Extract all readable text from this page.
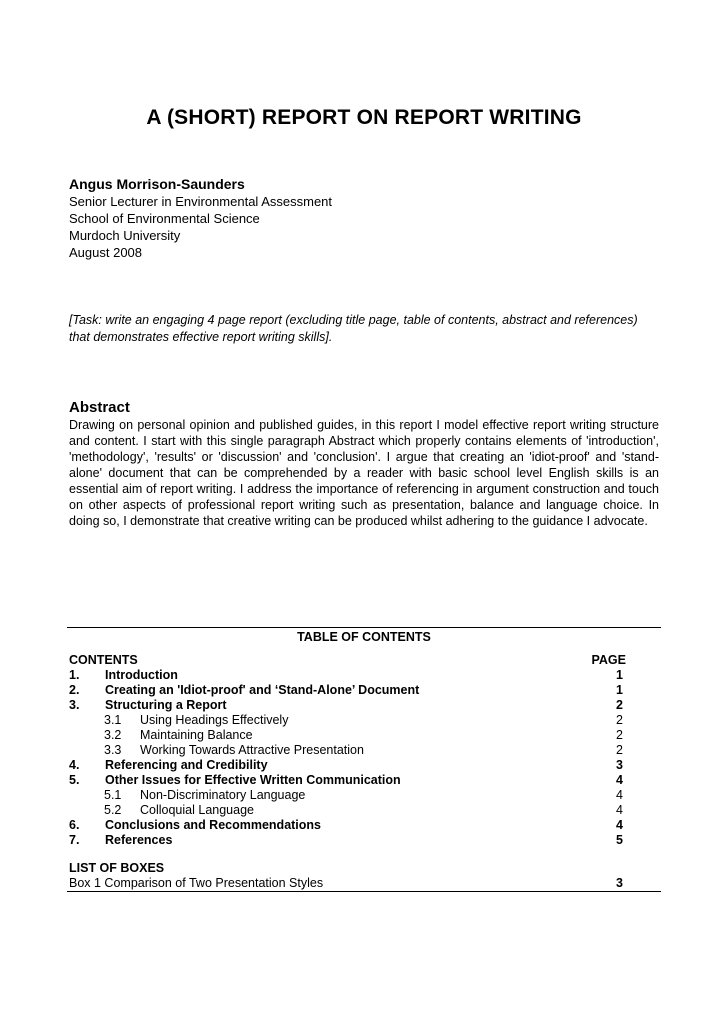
A (SHORT) REPORT ON REPORT WRITING
Angus Morrison-Saunders
Senior Lecturer in Environmental Assessment
School of Environmental Science
Murdoch University
August 2008
[Task: write an engaging 4 page report (excluding title page, table of contents, abstract and references) that demonstrates effective report writing skills].
Abstract
Drawing on personal opinion and published guides, in this report I model effective report writing structure and content. I start with this single paragraph Abstract which properly contains elements of 'introduction', 'methodology', 'results' or 'discussion' and 'conclusion'. I argue that creating an 'idiot-proof' and 'stand-alone' document that can be comprehended by a reader with basic school level English skills is an essential aim of report writing. I address the importance of referencing in argument construction and touch on other aspects of professional report writing such as presentation, balance and language choice. In doing so, I demonstrate that creative writing can be produced whilst adhering to the guidance I advocate.
TABLE OF CONTENTS
CONTENTS	PAGE
1.	Introduction	1
2.	Creating an 'Idiot-proof' and ‘Stand-Alone’ Document	1
3.	Structuring a Report	2
3.1	Using Headings Effectively	2
3.2	Maintaining Balance	2
3.3	Working Towards Attractive Presentation	2
4.	Referencing and Credibility	3
5.	Other Issues for Effective Written Communication	4
5.1	Non-Discriminatory Language	4
5.2	Colloquial Language	4
6.	Conclusions and Recommendations	4
7.	References	5
LIST OF BOXES
Box 1 Comparison of Two Presentation Styles	3
